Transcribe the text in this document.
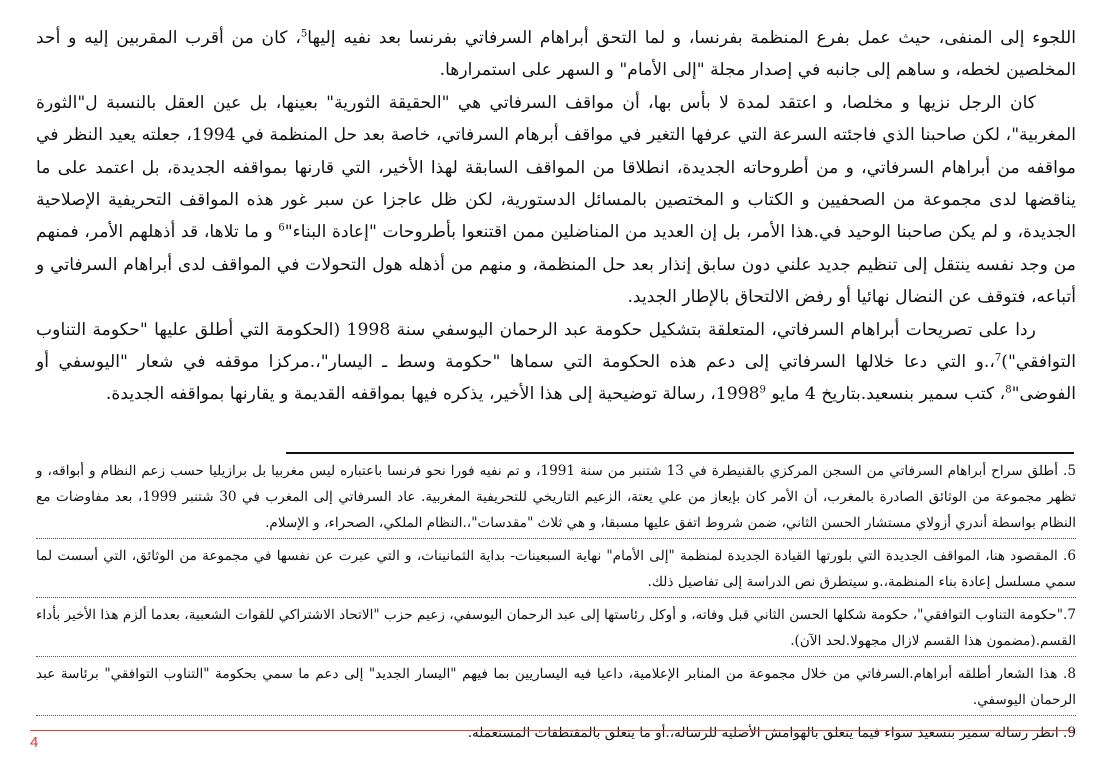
اللجوء إلى المنفى، حيث عمل بفرع المنظمة بفرنسا، و لما التحق أبراهام السرفاتي بفرنسا بعد نفيه إليها$^5$، كان من أقرب المقربين إليه و أحد المخلصين لخطه، و ساهم إلى جانبه في إصدار مجلة "إلى الأمام" و السهر على استمرارها.

كان الرجل نزيها و مخلصا، و اعتقد لمدة لا بأس بها، أن مواقف السرفاتي هي "الحقيقة الثورية" بعينها، بل عين العقل بالنسبة ل"الثورة المغربية"، لكن صاحبنا الذي فاجئته السرعة التي عرفها التغير في مواقف أبرهام السرفاتي، خاصة بعد حل المنظمة في 1994، جعلته يعيد النظر في مواقفه من أبراهام السرفاتي، و من أطروحاته الجديدة، انطلاقا من المواقف السابقة لهذا الأخير، التي قارنها بمواقفه الجديدة، بل اعتمد على ما يناقضها لدى مجموعة من الصحفيين و الكتاب و المختصين بالمسائل الدستورية، لكن ظل عاجزا عن سبر غور هذه المواقف التحريفية الإصلاحية الجديدة، و لم يكن صاحبنا الوحيد في.هذا الأمر، بل إن العديد من المناضلين ممن اقتنعوا بأطروحات "إعادة البناء"$^6$ و ما تلاها، قد أذهلهم الأمر، فمنهم من وجد نفسه ينتقل إلى تنظيم جديد علني دون سابق إنذار بعد حل المنظمة، و منهم من أذهله هول التحولات في المواقف لدى أبراهام السرفاتي و أتباعه، فتوقف عن النضال نهائيا أو رفض الالتحاق بالإطار الجديد.

ردا على تصريحات أبراهام السرفاتي، المتعلقة بتشكيل حكومة عبد الرحمان اليوسفي سنة 1998 (الحكومة التي أطلق عليها "حكومة التناوب التوافقي")$^7$،.و التي دعا خلالها السرفاتي إلى دعم هذه الحكومة التي سماها "حكومة وسط ـ اليسار"،.مركزا موقفه في شعار "اليوسفي أو الفوضى"$^8$، كتب سمير بنسعيد.بتاريخ 4 مايو 1998$^9$، رسالة توضيحية إلى هذا الأخير، يذكره فيها بمواقفه القديمة و يقارنها بمواقفه الجديدة.

5. أطلق سراح أبراهام السرفاتي من السجن المركزي بالقنيطرة في 13 شتنبر من سنة 1991، و تم نفيه فورا نحو فرنسا باعتباره ليس مغربيا بل برازيليا حسب زعم النظام و أبواقه، و تظهر مجموعة من الوثائق الصادرة بالمغرب، أن الأمر كان بإيعاز من علي يعتة، الزعيم التاريخي للتحريفية المغربية. عاد السرفاتي إلى المغرب في 30 شتنبر 1999، بعد مفاوضات مع النظام بواسطة أندري أزولاي مستشار الحسن الثاني، ضمن شروط اتفق عليها مسبقا، و هي ثلاث "مقدسات"،.النظام الملكي، الصحراء، و الإسلام.

6. المقصود هنا، المواقف الجديدة التي بلورتها القيادة الجديدة لمنظمة "إلى الأمام" نهاية السبعينات- بداية الثمانينات، و التي عبرت عن نفسها في مجموعة من الوثائق، التي أسست لما سمي مسلسل إعادة بناء المنظمة،.و سيتطرق نص الدراسة إلى تفاصيل ذلك.

7."حكومة التناوب التوافقي"، حكومة شكلها الحسن الثاني قبل وفاته، و أوكل رئاستها إلى عبد الرحمان اليوسفي، زعيم حزب "الاتحاد الاشتراكي للقوات الشعبية، بعدما ألزم هذا الأخير بأداء القسم.(مضمون هذا القسم لازال مجهولا.لحد الآن).

8. هذا الشعار أطلقه أبراهام.السرفاتي من خلال مجموعة من المنابر الإعلامية، داعيا فيه اليساريين بما فيهم "اليسار الجديد" إلى دعم ما سمي بحكومة "التناوب التوافقي" برئاسة عبد الرحمان اليوسفي.

9. انظر رسالة سمير بنسعيد سواء فيما يتعلق بالهوامش الأصلية للرسالة،.أو ما يتعلق بالمقتطفات المستعملة.

4
